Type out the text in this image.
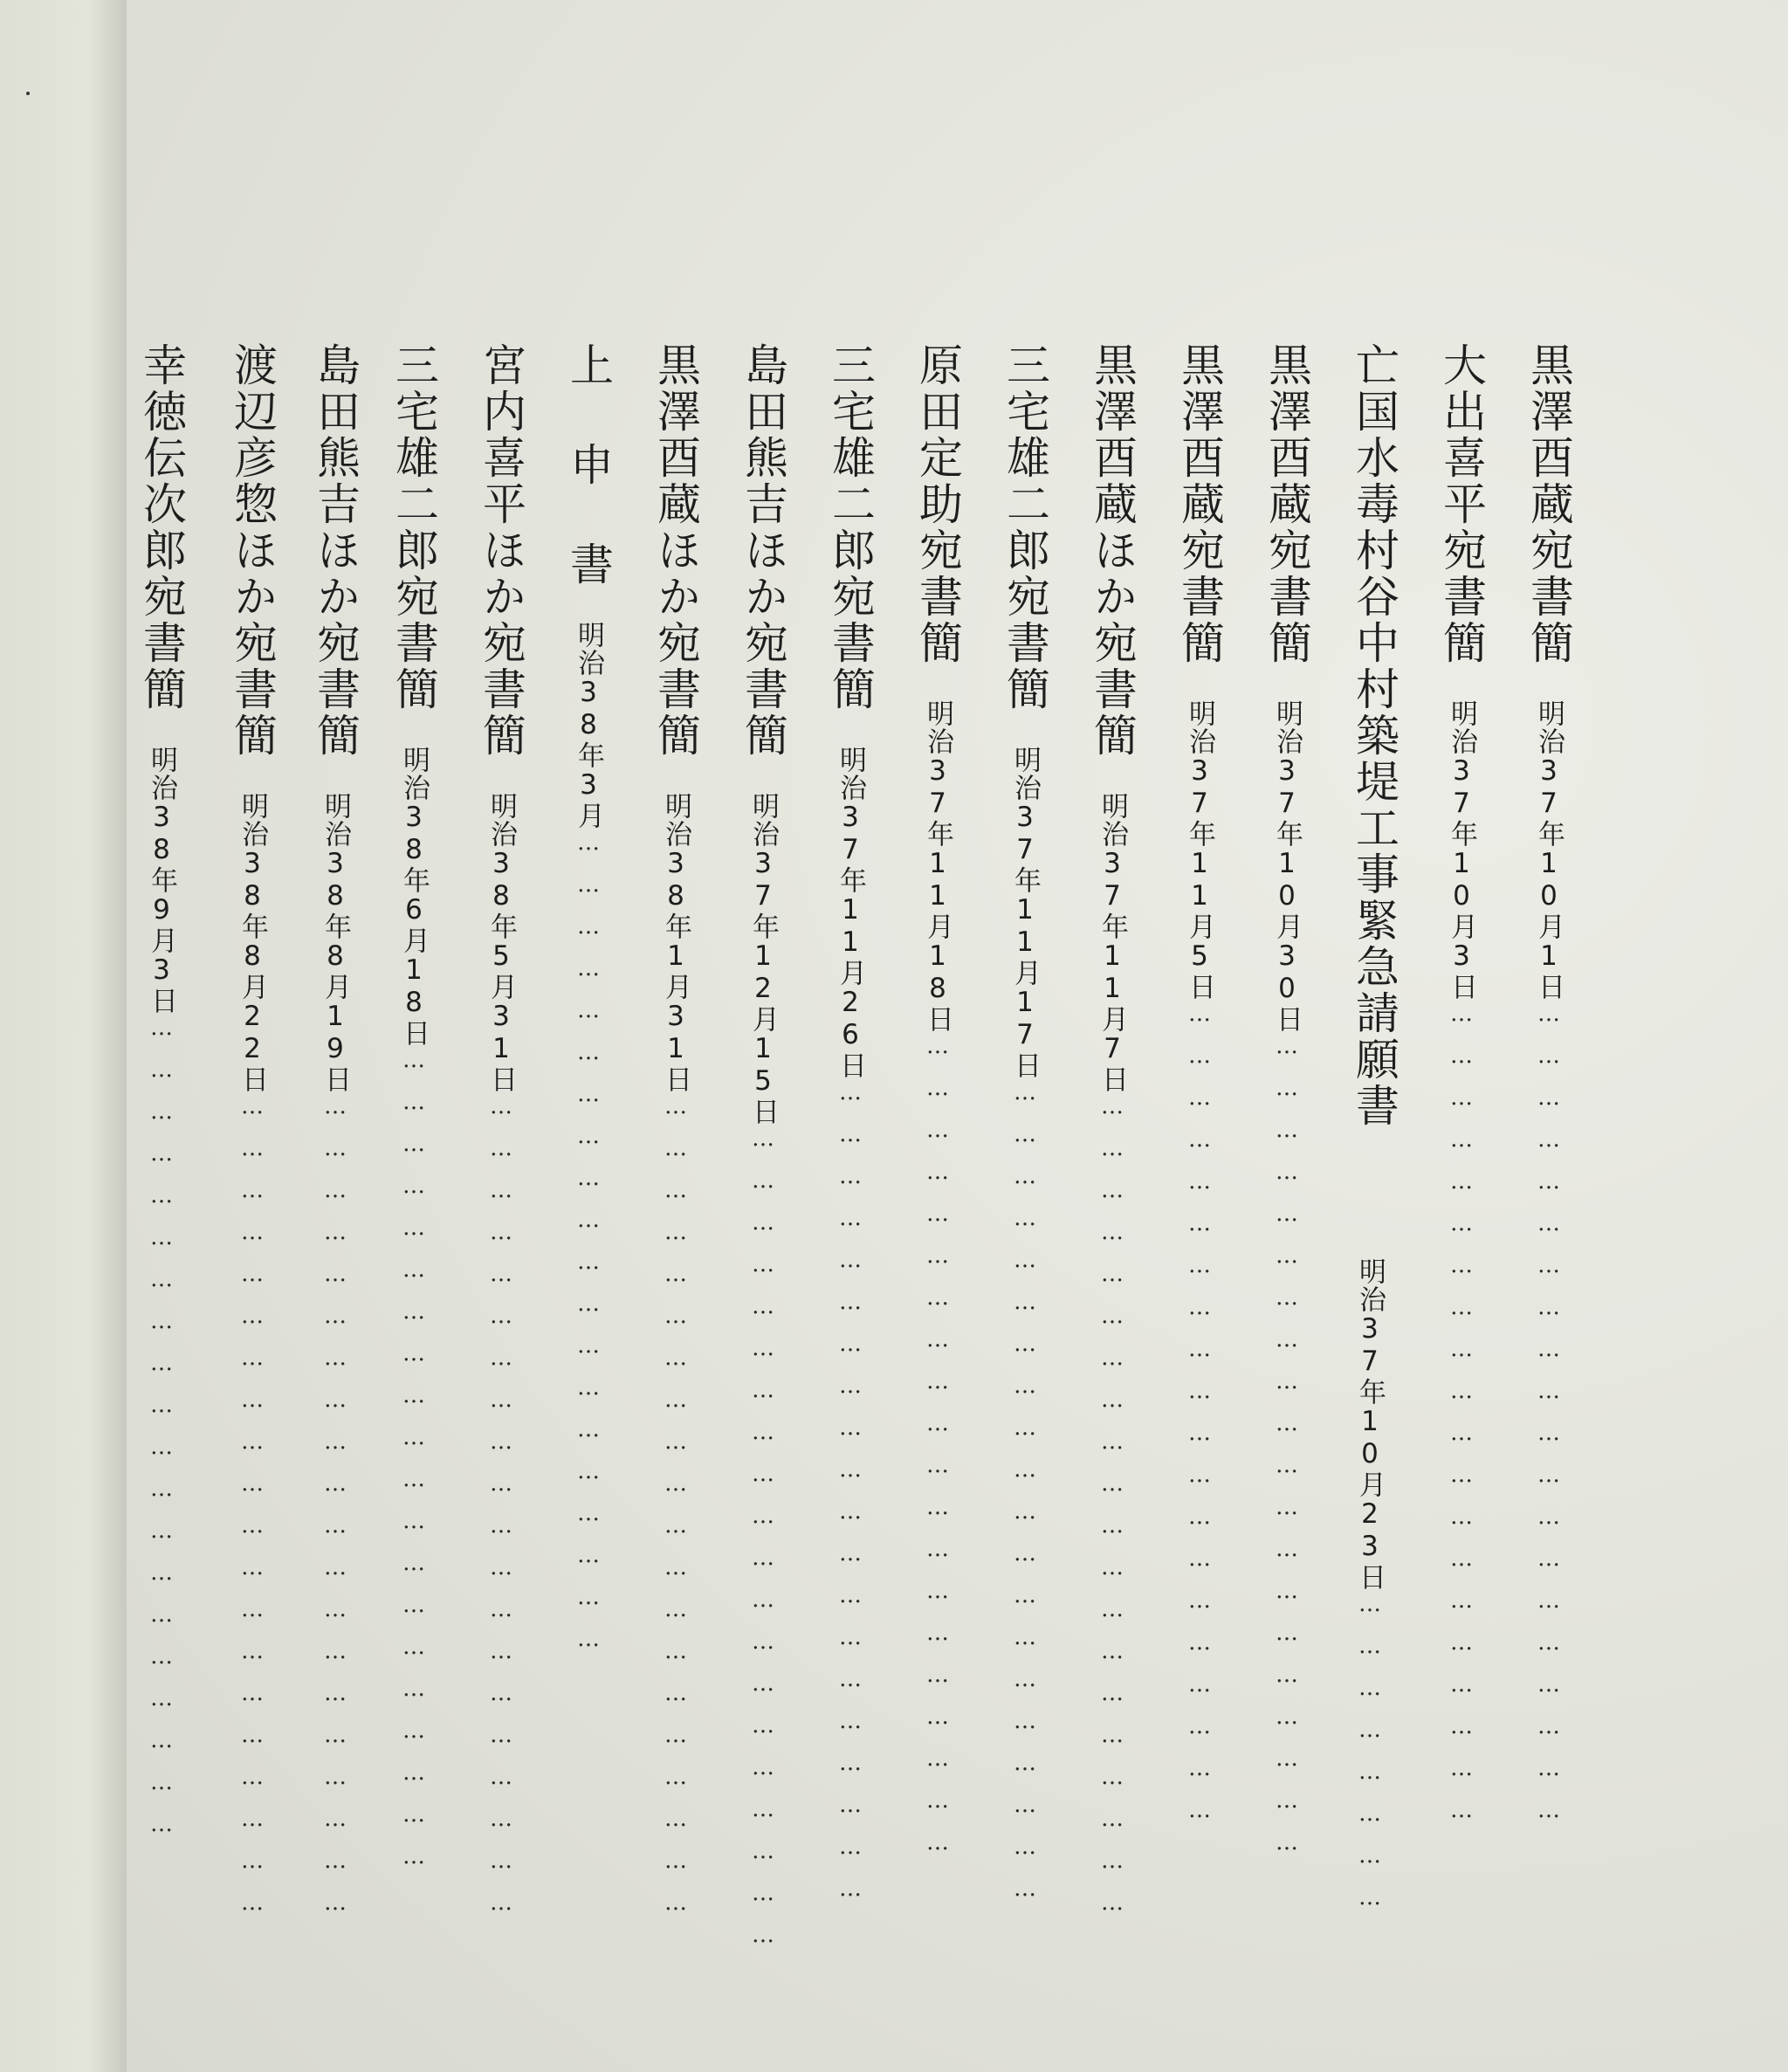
黒澤酉蔵宛書簡明治37年10月1日……………………………………………………
大出喜平宛書簡明治37年10月3日……………………………………………………
亡国水毒村谷中村築堤工事緊急請願書
明治37年10月23日……………………
黒澤酉蔵宛書簡明治37年10月30日……………………………………………………
黒澤酉蔵宛書簡明治37年11月5日……………………………………………………
黒澤酉蔵ほか宛書簡明治37年11月7日……………………………………………………
三宅雄二郎宛書簡明治37年11月17日……………………………………………………
原田定助宛書簡明治37年11月18日……………………………………………………
三宅雄二郎宛書簡明治37年11月26日……………………………………………………
島田熊吉ほか宛書簡明治37年12月15日……………………………………………………
黒澤酉蔵ほか宛書簡明治38年1月31日……………………………………………………
上 申 書明治38年3月……………………………………………………
宮内喜平ほか宛書簡明治38年5月31日……………………………………………………
三宅雄二郎宛書簡明治38年6月18日……………………………………………………
島田熊吉ほか宛書簡明治38年8月19日……………………………………………………
渡辺彦惣ほか宛書簡明治38年8月22日……………………………………………………
幸徳伝次郎宛書簡明治38年9月3日……………………………………………………
